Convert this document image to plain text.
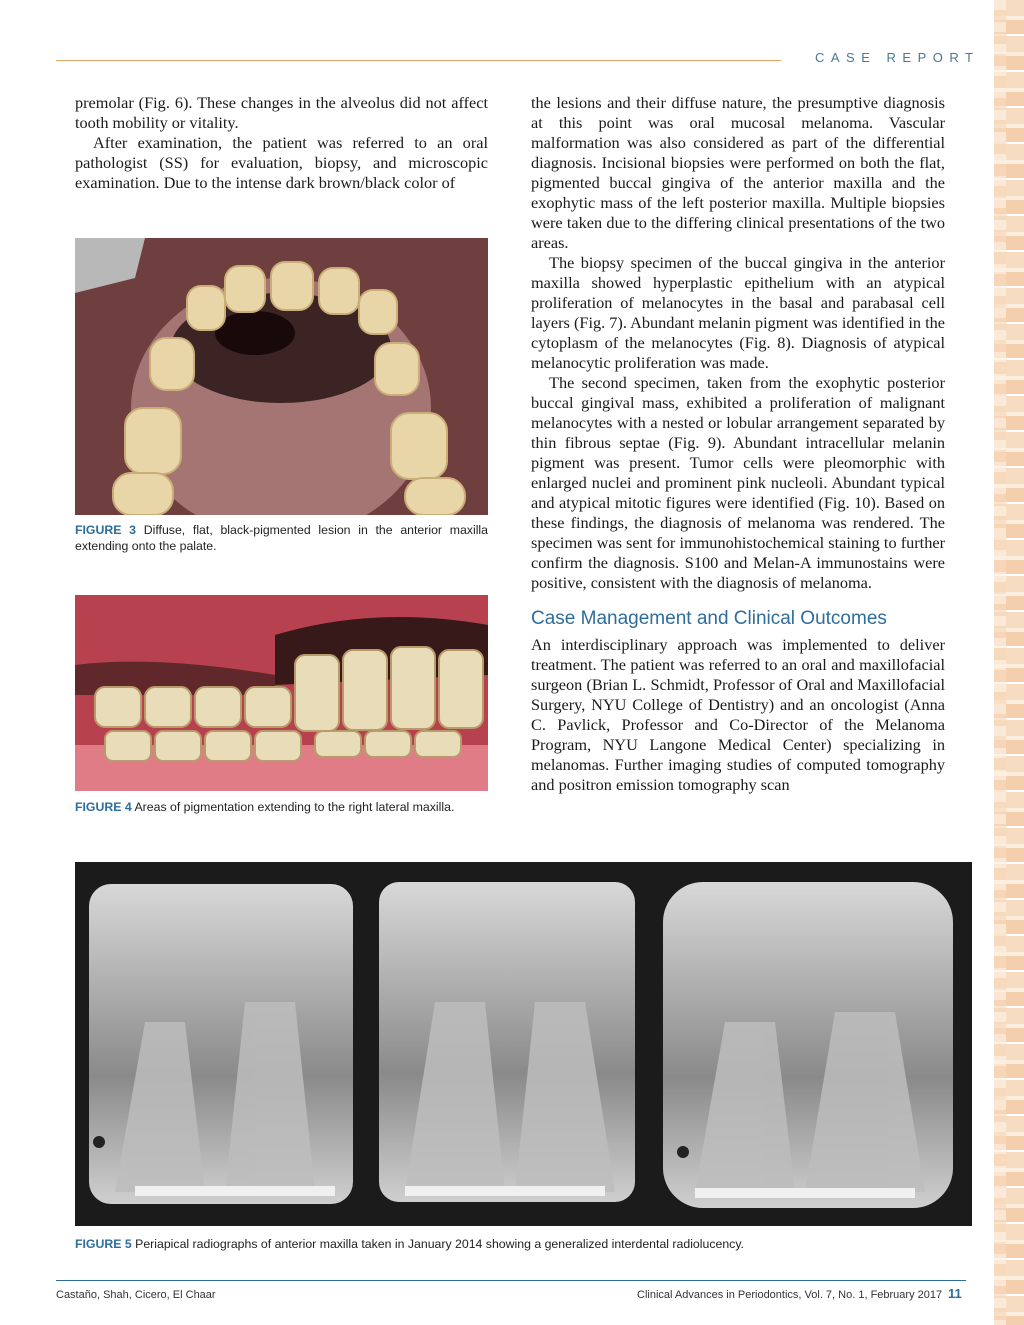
CASE REPORT

premolar (Fig. 6). These changes in the alveolus did not affect tooth mobility or vitality.

After examination, the patient was referred to an oral pathologist (SS) for evaluation, biopsy, and microscopic examination. Due to the intense dark brown/black color of

FIGURE 3 Diffuse, flat, black-pigmented lesion in the anterior maxilla extending onto the palate.
FIGURE 4 Areas of pigmentation extending to the right lateral maxilla.

the lesions and their diffuse nature, the presumptive diagnosis at this point was oral mucosal melanoma. Vascular malformation was also considered as part of the differential diagnosis. Incisional biopsies were performed on both the flat, pigmented buccal gingiva of the anterior maxilla and the exophytic mass of the left posterior maxilla. Multiple biopsies were taken due to the differing clinical presentations of the two areas.

The biopsy specimen of the buccal gingiva in the anterior maxilla showed hyperplastic epithelium with an atypical proliferation of melanocytes in the basal and parabasal cell layers (Fig. 7). Abundant melanin pigment was identified in the cytoplasm of the melanocytes (Fig. 8). Diagnosis of atypical melanocytic proliferation was made.

The second specimen, taken from the exophytic posterior buccal gingival mass, exhibited a proliferation of malignant melanocytes with a nested or lobular arrangement separated by thin fibrous septae (Fig. 9). Abundant intracellular melanin pigment was present. Tumor cells were pleomorphic with enlarged nuclei and prominent pink nucleoli. Abundant typical and atypical mitotic figures were identified (Fig. 10). Based on these findings, the diagnosis of melanoma was rendered. The specimen was sent for immunohistochemical staining to further confirm the diagnosis. S100 and Melan-A immunostains were positive, consistent with the diagnosis of melanoma.

Case Management and Clinical Outcomes

An interdisciplinary approach was implemented to deliver treatment. The patient was referred to an oral and maxillofacial surgeon (Brian L. Schmidt, Professor of Oral and Maxillofacial Surgery, NYU College of Dentistry) and an oncologist (Anna C. Pavlick, Professor and Co-Director of the Melanoma Program, NYU Langone Medical Center) specializing in melanomas. Further imaging studies of computed tomography and positron emission tomography scan

FIGURE 5 Periapical radiographs of anterior maxilla taken in January 2014 showing a generalized interdental radiolucency.
Castaño, Shah, Cicero, El Chaar	Clinical Advances in Periodontics, Vol. 7, No. 1, February 2017 11
